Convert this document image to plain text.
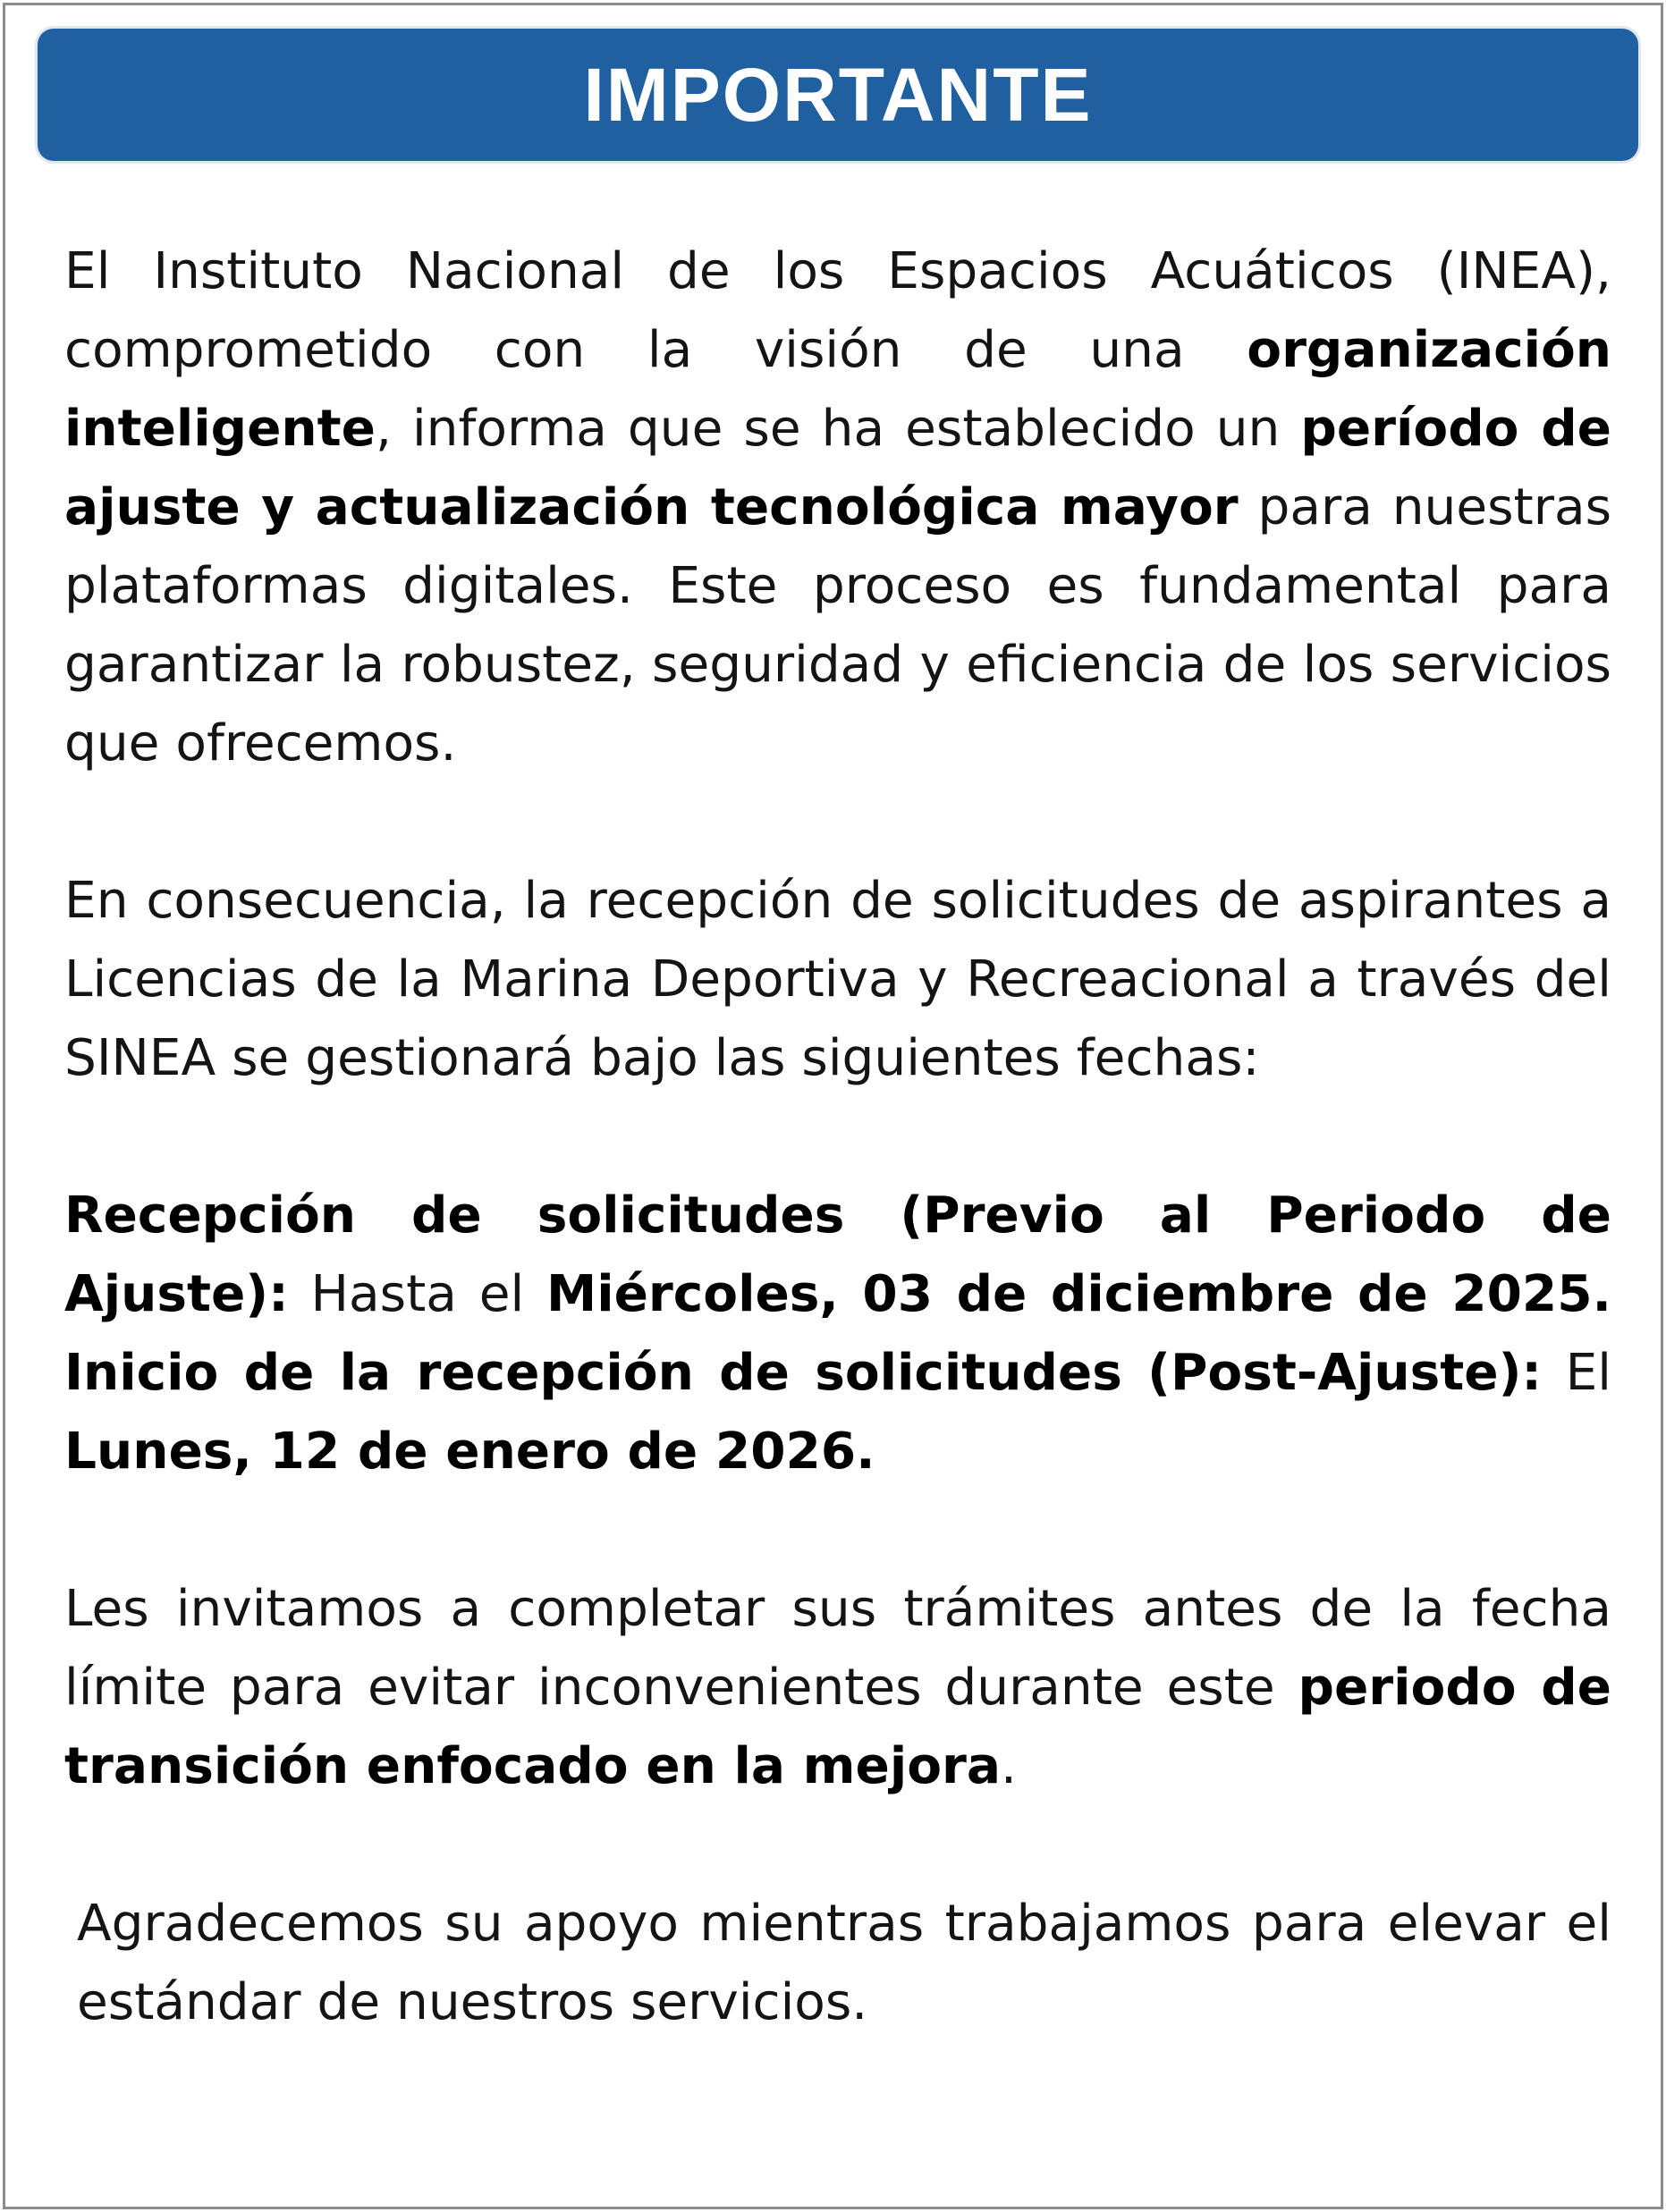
IMPORTANTE

El Instituto Nacional de los Espacios Acuáticos (INEA), comprometido con la visión de una organización inteligente, informa que se ha establecido un período de ajuste y actualización tecnológica mayor para nuestras plataformas digitales. Este proceso es fundamental para garantizar la robustez, seguridad y eficiencia de los servicios que ofrecemos.

En consecuencia, la recepción de solicitudes de aspirantes a Licencias de la Marina Deportiva y Recreacional a través del SINEA se gestionará bajo las siguientes fechas:

Recepción de solicitudes (Previo al Periodo de Ajuste): Hasta el Miércoles, 03 de diciembre de 2025. Inicio de la recepción de solicitudes (Post-Ajuste): El Lunes, 12 de enero de 2026.

Les invitamos a completar sus trámites antes de la fecha límite para evitar inconvenientes durante este periodo de transición enfocado en la mejora.

Agradecemos su apoyo mientras trabajamos para elevar el estándar de nuestros servicios.
